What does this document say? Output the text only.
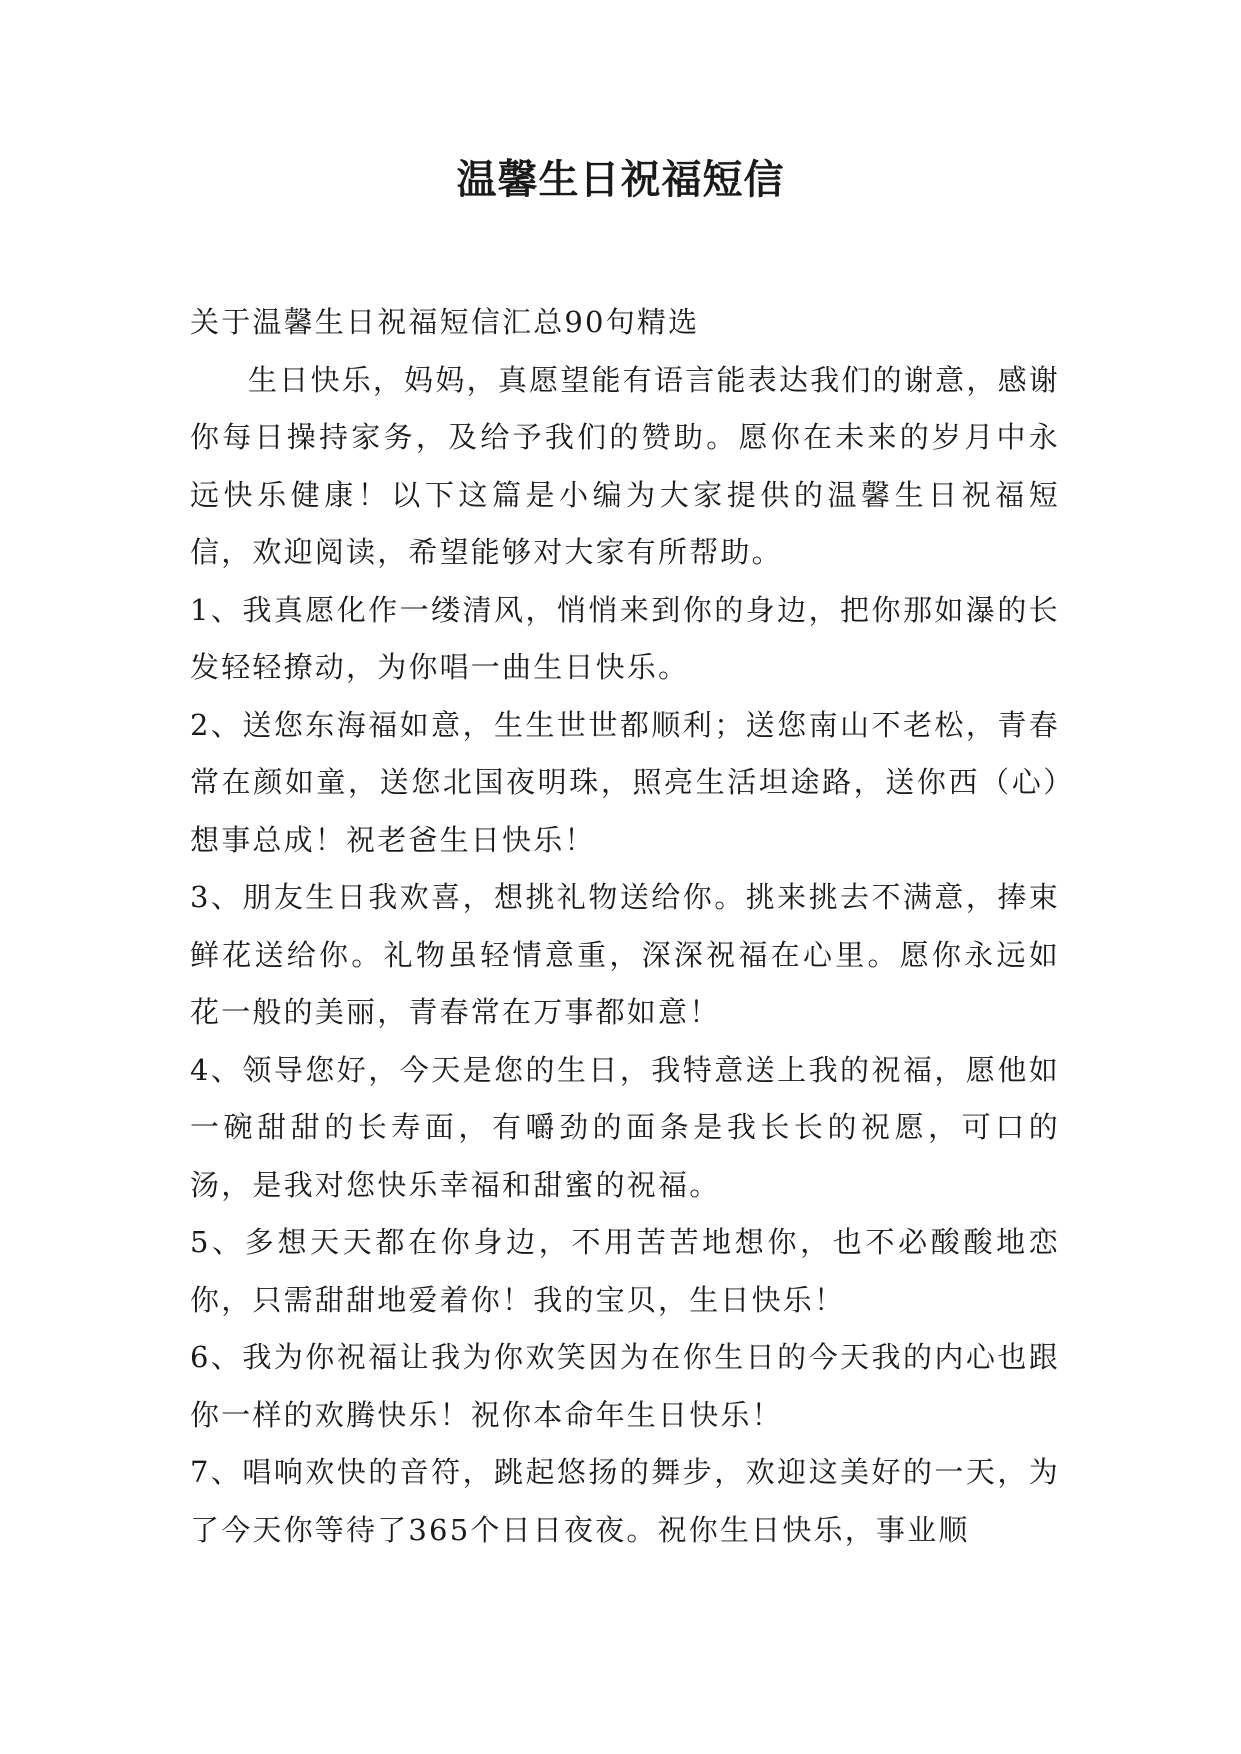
温馨生日祝福短信

关于温馨生日祝福短信汇总90句精选

生日快乐，妈妈，真愿望能有语言能表达我们的谢意，感谢你每日操持家务，及给予我们的赞助。愿你在未来的岁月中永远快乐健康！以下这篇是小编为大家提供的温馨生日祝福短信，欢迎阅读，希望能够对大家有所帮助。

1、我真愿化作一缕清风，悄悄来到你的身边，把你那如瀑的长发轻轻撩动，为你唱一曲生日快乐。

2、送您东海福如意，生生世世都顺利；送您南山不老松，青春常在颜如童，送您北国夜明珠，照亮生活坦途路，送你西（心）想事总成！祝老爸生日快乐！

3、朋友生日我欢喜，想挑礼物送给你。挑来挑去不满意，捧束鲜花送给你。礼物虽轻情意重，深深祝福在心里。愿你永远如花一般的美丽，青春常在万事都如意！

4、领导您好，今天是您的生日，我特意送上我的祝福，愿他如一碗甜甜的长寿面，有嚼劲的面条是我长长的祝愿，可口的汤，是我对您快乐幸福和甜蜜的祝福。

5、多想天天都在你身边，不用苦苦地想你，也不必酸酸地恋你，只需甜甜地爱着你！我的宝贝，生日快乐！

6、我为你祝福让我为你欢笑因为在你生日的今天我的内心也跟你一样的欢腾快乐！祝你本命年生日快乐！

7、唱响欢快的音符，跳起悠扬的舞步，欢迎这美好的一天，为了今天你等待了365个日日夜夜。祝你生日快乐，事业顺
